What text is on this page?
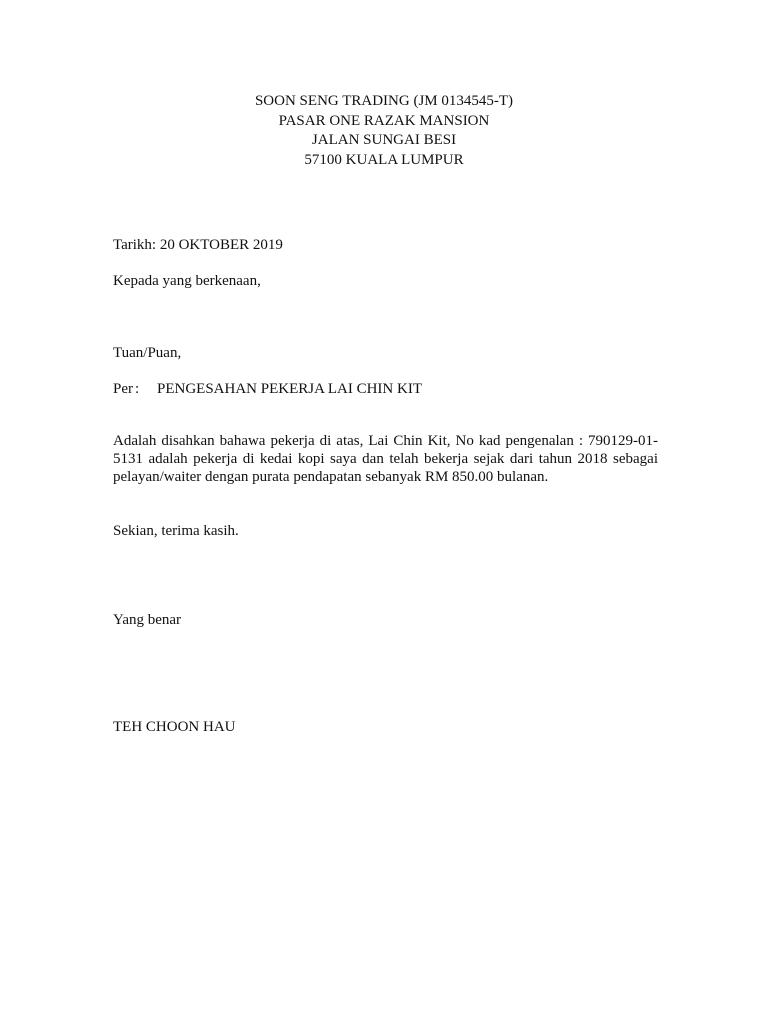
SOON SENG TRADING (JM 0134545-T)
PASAR ONE RAZAK MANSION
JALAN SUNGAI BESI
57100 KUALA LUMPUR
Tarikh: 20 OKTOBER 2019
Kepada yang berkenaan,
Tuan/Puan,
Per : PENGESAHAN PEKERJA LAI CHIN KIT
Adalah disahkan bahawa pekerja di atas, Lai Chin Kit, No kad pengenalan : 790129-01-5131 adalah pekerja di kedai kopi saya dan telah bekerja sejak dari tahun 2018 sebagai pelayan/waiter dengan purata pendapatan sebanyak RM 850.00 bulanan.
Sekian, terima kasih.
Yang benar
TEH CHOON HAU
